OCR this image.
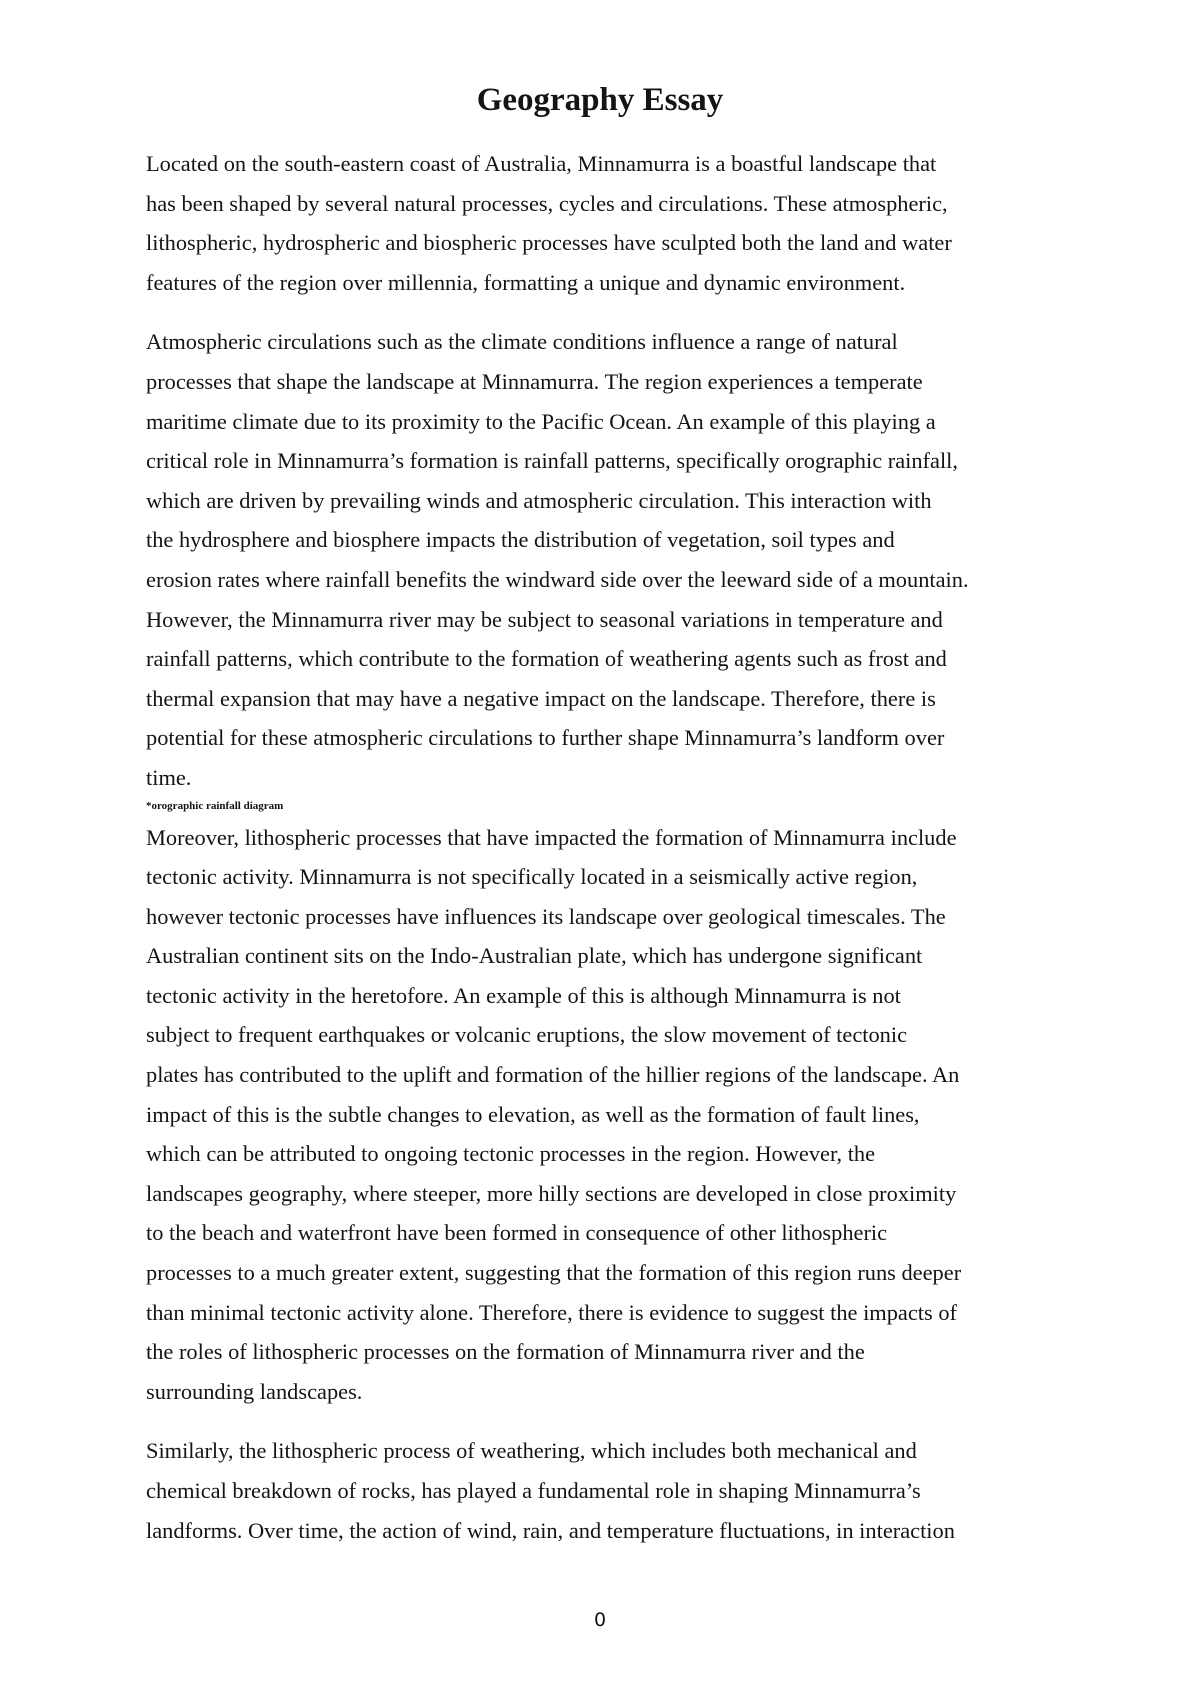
Geography Essay

Located on the south-eastern coast of Australia, Minnamurra is a boastful landscape that
has been shaped by several natural processes, cycles and circulations. These atmospheric,
lithospheric, hydrospheric and biospheric processes have sculpted both the land and water
features of the region over millennia, formatting a unique and dynamic environment.

Atmospheric circulations such as the climate conditions influence a range of natural
processes that shape the landscape at Minnamurra. The region experiences a temperate
maritime climate due to its proximity to the Pacific Ocean. An example of this playing a
critical role in Minnamurra’s formation is rainfall patterns, specifically orographic rainfall,
which are driven by prevailing winds and atmospheric circulation. This interaction with
the hydrosphere and biosphere impacts the distribution of vegetation, soil types and
erosion rates where rainfall benefits the windward side over the leeward side of a mountain.
However, the Minnamurra river may be subject to seasonal variations in temperature and
rainfall patterns, which contribute to the formation of weathering agents such as frost and
thermal expansion that may have a negative impact on the landscape. Therefore, there is
potential for these atmospheric circulations to further shape Minnamurra’s landform over
time.

*orographic rainfall diagram

Moreover, lithospheric processes that have impacted the formation of Minnamurra include
tectonic activity. Minnamurra is not specifically located in a seismically active region,
however tectonic processes have influences its landscape over geological timescales. The
Australian continent sits on the Indo-Australian plate, which has undergone significant
tectonic activity in the heretofore. An example of this is although Minnamurra is not
subject to frequent earthquakes or volcanic eruptions, the slow movement of tectonic
plates has contributed to the uplift and formation of the hillier regions of the landscape. An
impact of this is the subtle changes to elevation, as well as the formation of fault lines,
which can be attributed to ongoing tectonic processes in the region. However, the
landscapes geography, where steeper, more hilly sections are developed in close proximity
to the beach and waterfront have been formed in consequence of other lithospheric
processes to a much greater extent, suggesting that the formation of this region runs deeper
than minimal tectonic activity alone. Therefore, there is evidence to suggest the impacts of
the roles of lithospheric processes on the formation of Minnamurra river and the
surrounding landscapes.

Similarly, the lithospheric process of weathering, which includes both mechanical and
chemical breakdown of rocks, has played a fundamental role in shaping Minnamurra’s
landforms. Over time, the action of wind, rain, and temperature fluctuations, in interaction

0
